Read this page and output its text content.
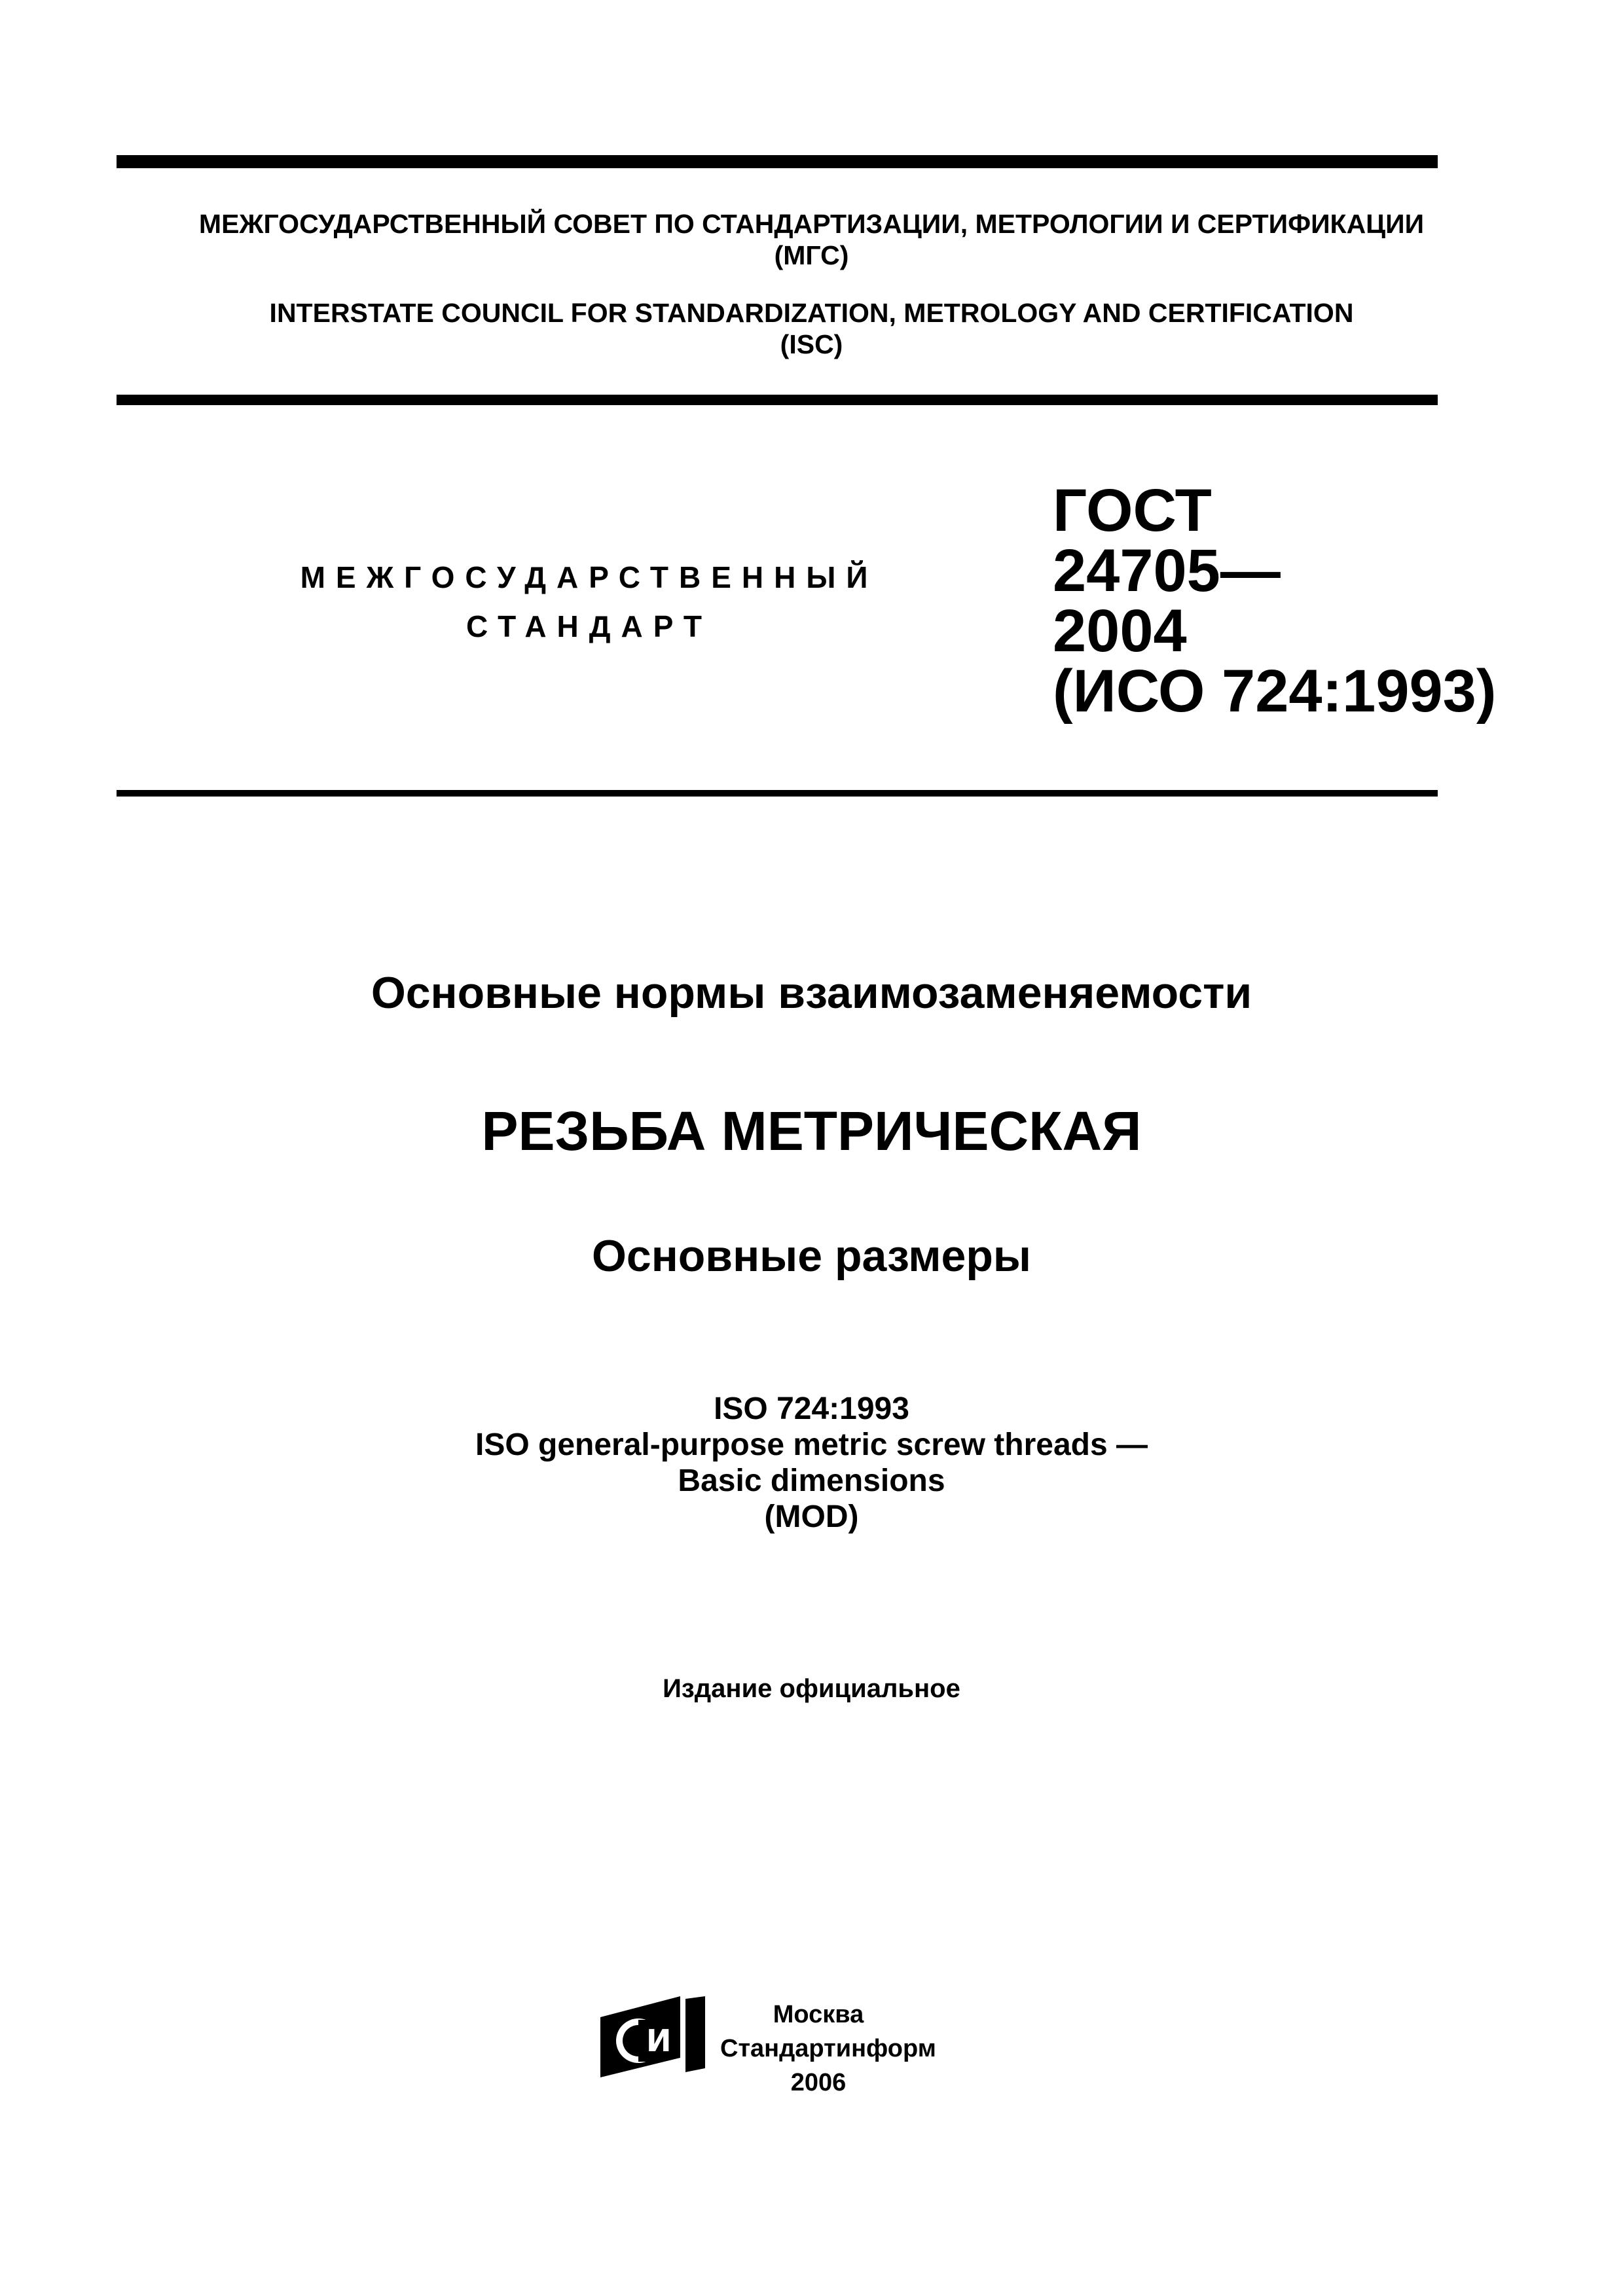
МЕЖГОСУДАРСТВЕННЫЙ СОВЕТ ПО СТАНДАРТИЗАЦИИ, МЕТРОЛОГИИ И СЕРТИФИКАЦИИ
(МГС)
INTERSTATE COUNCIL FOR STANDARDIZATION, METROLOGY AND CERTIFICATION
(ISC)
МЕЖГОСУДАРСТВЕННЫЙ
СТАНДАРТ
ГОСТ
24705—
2004
(ИСО 724:1993)
Основные нормы взаимозаменяемости
РЕЗЬБА МЕТРИЧЕСКАЯ
Основные размеры
ISO 724:1993
ISO general-purpose metric screw threads —
Basic dimensions
(MOD)
Издание официальное
И
Москва
Стандартинформ
2006
